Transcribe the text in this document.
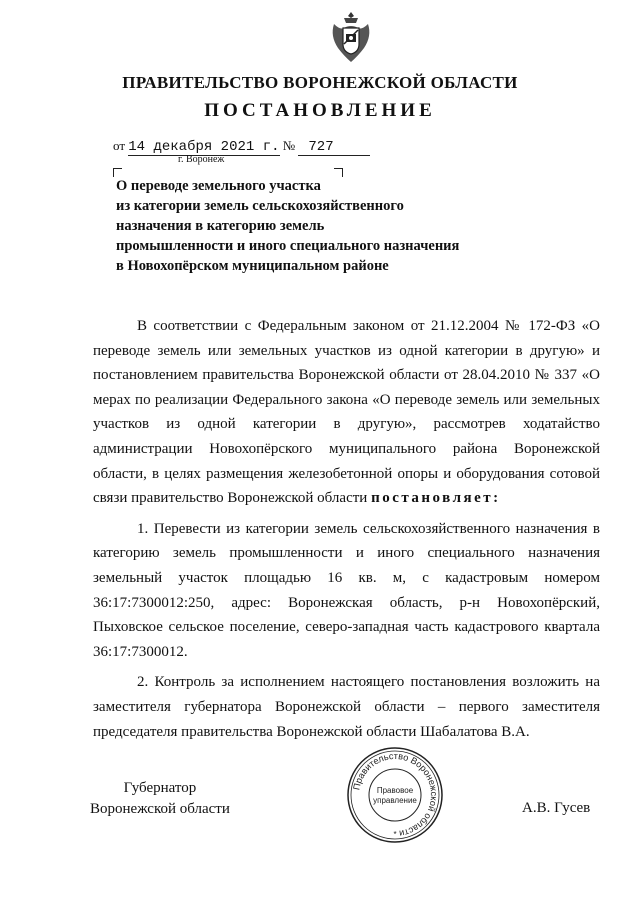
ПРАВИТЕЛЬСТВО ВОРОНЕЖСКОЙ ОБЛАСТИ
ПОСТАНОВЛЕНИЕ
от 14 декабря 2021 г. № 727
г. Воронеж
О переводе земельного участка
из категории земель сельскохозяйственного
назначения в категорию земель
промышленности и иного специального назначения
в Новохопёрском муниципальном районе

В соответствии с Федеральным законом от 21.12.2004 № 172-ФЗ «О переводе земель или земельных участков из одной категории в другую» и постановлением правительства Воронежской области от 28.04.2010 № 337 «О мерах по реализации Федерального закона «О переводе земель или земельных участков из одной категории в другую», рассмотрев ходатайство администрации Новохопёрского муниципального района Воронежской области, в целях размещения железобетонной опоры и оборудования сотовой связи правительство Воронежской области постановляет:

1. Перевести из категории земель сельскохозяйственного назначения в категорию земель промышленности и иного специального назначения земельный участок площадью 16 кв. м, с кадастровым номером 36:17:7300012:250, адрес: Воронежская область, р-н Новохопёрский, Пыховское сельское поселение, северо-западная часть кадастрового квартала 36:17:7300012.

2. Контроль за исполнением настоящего постановления возложить на заместителя губернатора Воронежской области – первого заместителя председателя правительства Воронежской области Шабалатова В.А.

Губернатор
Воронежской области
Правительство Воронежской области
Правовое
управление
*
А.В. Гусев
